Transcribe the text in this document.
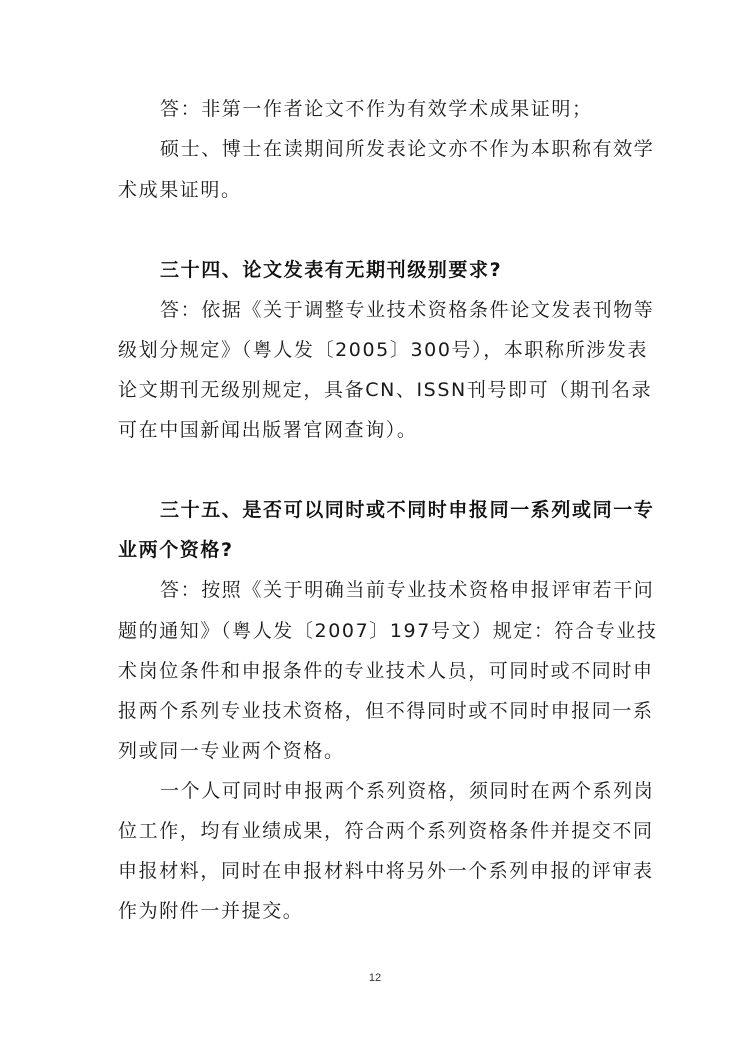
答：非第一作者论文不作为有效学术成果证明；
硕士、博士在读期间所发表论文亦不作为本职称有效学
术成果证明。
三十四、论文发表有无期刊级别要求?
答：依据《关于调整专业技术资格条件论文发表刊物等
级划分规定》（粤人发〔2005〕300号），本职称所涉发表
论文期刊无级别规定，具备CN、ISSN刊号即可（期刊名录
可在中国新闻出版署官网查询）。
三十五、是否可以同时或不同时申报同一系列或同一专
业两个资格?
答：按照《关于明确当前专业技术资格申报评审若干问
题的通知》（粤人发〔2007〕197号文）规定：符合专业技
术岗位条件和申报条件的专业技术人员，可同时或不同时申
报两个系列专业技术资格，但不得同时或不同时申报同一系
列或同一专业两个资格。
一个人可同时申报两个系列资格，须同时在两个系列岗
位工作，均有业绩成果，符合两个系列资格条件并提交不同
申报材料，同时在申报材料中将另外一个系列申报的评审表
作为附件一并提交。
12
